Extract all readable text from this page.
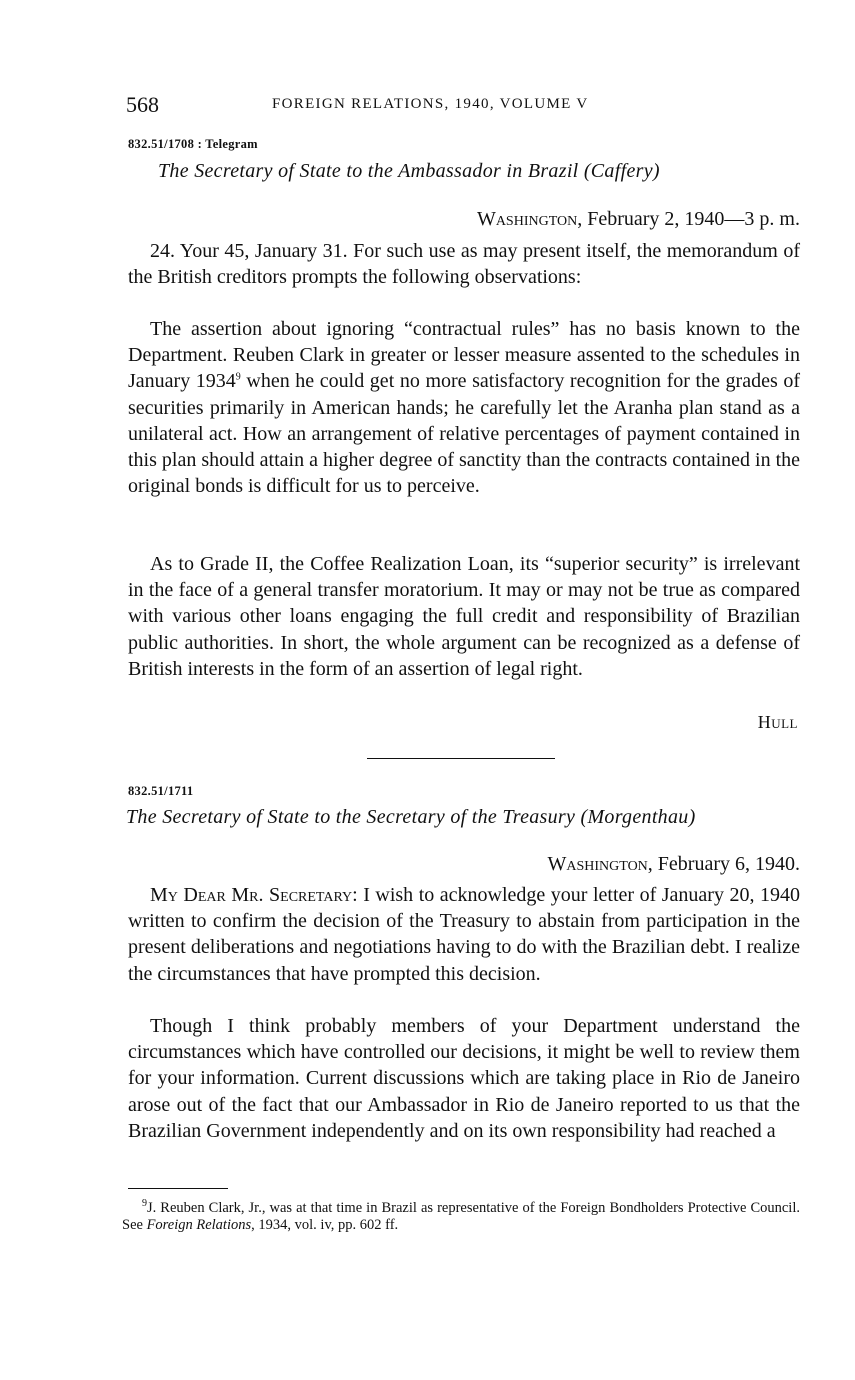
568	FOREIGN RELATIONS, 1940, VOLUME V
832.51/1708 : Telegram
The Secretary of State to the Ambassador in Brazil (Caffery)
Washington, February 2, 1940—3 p. m.

24. Your 45, January 31. For such use as may present itself, the memorandum of the British creditors prompts the following observations:

The assertion about ignoring “contractual rules” has no basis known to the Department. Reuben Clark in greater or lesser measure assented to the schedules in January 1934$^9$ when he could get no more satisfactory recognition for the grades of securities primarily in American hands; he carefully let the Aranha plan stand as a unilateral act. How an arrangement of relative percentages of payment contained in this plan should attain a higher degree of sanctity than the contracts contained in the original bonds is difficult for us to perceive.

As to Grade II, the Coffee Realization Loan, its “superior security” is irrelevant in the face of a general transfer moratorium. It may or may not be true as compared with various other loans engaging the full credit and responsibility of Brazilian public authorities. In short, the whole argument can be recognized as a defense of British interests in the form of an assertion of legal right.

Hull
832.51/1711
The Secretary of State to the Secretary of the Treasury (Morgenthau)
Washington, February 6, 1940.

My Dear Mr. Secretary: I wish to acknowledge your letter of January 20, 1940 written to confirm the decision of the Treasury to abstain from participation in the present deliberations and negotiations having to do with the Brazilian debt. I realize the circumstances that have prompted this decision.

Though I think probably members of your Department understand the circumstances which have controlled our decisions, it might be well to review them for your information. Current discussions which are taking place in Rio de Janeiro arose out of the fact that our Ambassador in Rio de Janeiro reported to us that the Brazilian Government independently and on its own responsibility had reached a

$^9$J. Reuben Clark, Jr., was at that time in Brazil as representative of the Foreign Bondholders Protective Council. See Foreign Relations, 1934, vol. iv, pp. 602 ff.
